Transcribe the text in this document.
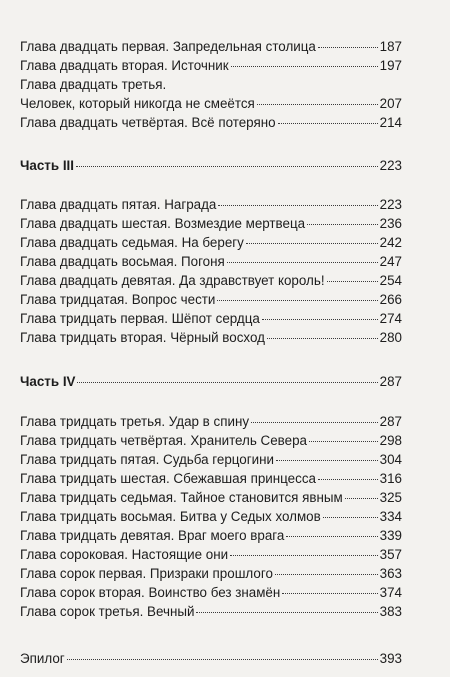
Глава двадцать первая. Запредельная столица	187
Глава двадцать вторая. Источник	197
Глава двадцать третья.
Человек, который никогда не смеётся	207
Глава двадцать четвёртая. Всё потеряно	214
Часть III	223
Глава двадцать пятая. Награда	223
Глава двадцать шестая. Возмездие мертвеца	236
Глава двадцать седьмая. На берегу	242
Глава двадцать восьмая. Погоня	247
Глава двадцать девятая. Да здравствует король!	254
Глава тридцатая. Вопрос чести	266
Глава тридцать первая. Шёпот сердца	274
Глава тридцать вторая. Чёрный восход	280
Часть IV	287
Глава тридцать третья. Удар в спину	287
Глава тридцать четвёртая. Хранитель Севера	298
Глава тридцать пятая. Судьба герцогини	304
Глава тридцать шестая. Сбежавшая принцесса	316
Глава тридцать седьмая. Тайное становится явным	325
Глава тридцать восьмая. Битва у Седых холмов	334
Глава тридцать девятая. Враг моего врага	339
Глава сороковая. Настоящие они	357
Глава сорок первая. Призраки прошлого	363
Глава сорок вторая. Воинство без знамён	374
Глава сорок третья. Вечный	383
Эпилог	393
